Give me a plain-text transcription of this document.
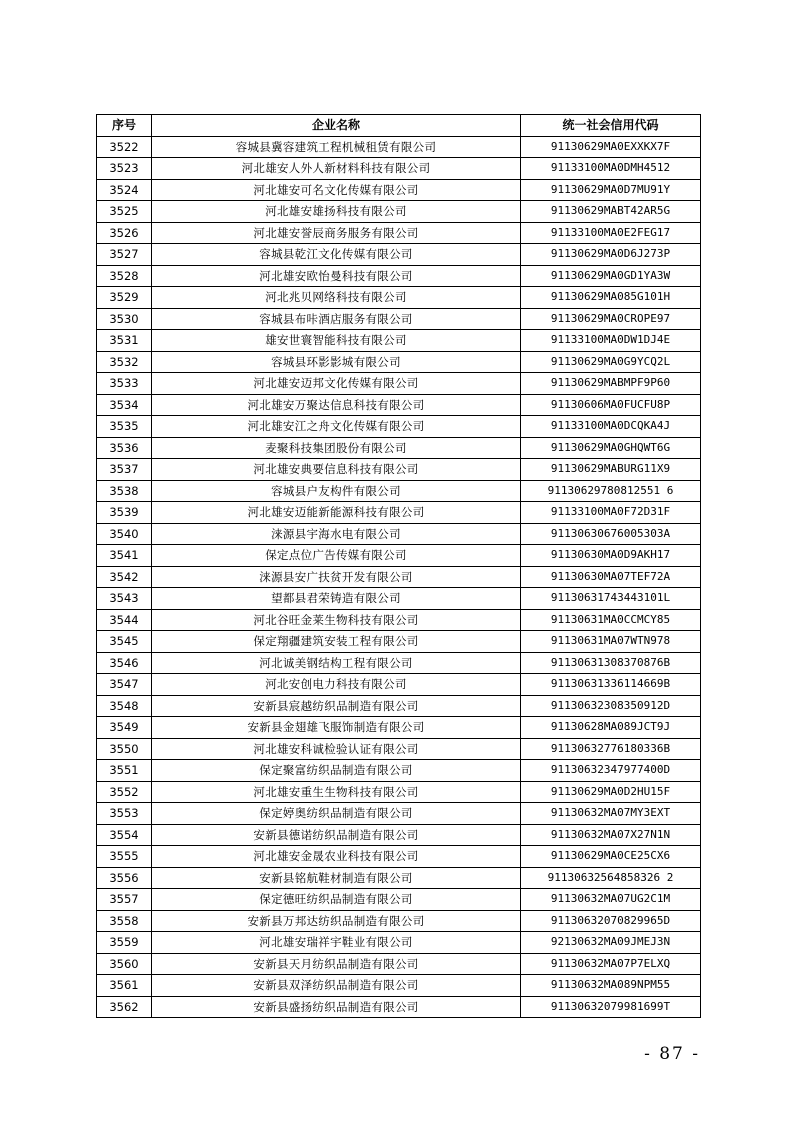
序号	企业名称	统一社会信用代码
3522	容城县冀容建筑工程机械租赁有限公司	91130629MA0EXXKX7F
3523	河北雄安人外人新材料科技有限公司	91133100MA0DMH4512
3524	河北雄安可名文化传媒有限公司	91130629MA0D7MU91Y
3525	河北雄安雄扬科技有限公司	91130629MABT42AR5G
3526	河北雄安誉辰商务服务有限公司	91133100MA0E2FEG17
3527	容城县乾江文化传媒有限公司	91130629MA0D6J273P
3528	河北雄安欧怡曼科技有限公司	91130629MA0GD1YA3W
3529	河北兆贝网络科技有限公司	91130629MA085G101H
3530	容城县布咔酒店服务有限公司	91130629MA0CROPE97
3531	雄安世寰智能科技有限公司	91133100MA0DW1DJ4E
3532	容城县环影影城有限公司	91130629MA0G9YCQ2L
3533	河北雄安迈邦文化传媒有限公司	91130629MABMPF9P60
3534	河北雄安万聚达信息科技有限公司	91130606MA0FUCFU8P
3535	河北雄安江之舟文化传媒有限公司	91133100MA0DCQKA4J
3536	麦聚科技集团股份有限公司	91130629MA0GHQWT6G
3537	河北雄安典要信息科技有限公司	91130629MABURG11X9
3538	容城县户友构件有限公司	91130629780812551 6
3539	河北雄安迈能新能源科技有限公司	91133100MA0F72D31F
3540	涞源县宇海水电有限公司	91130630676005303A
3541	保定点位广告传媒有限公司	91130630MA0D9AKH17
3542	涞源县安广扶贫开发有限公司	91130630MA07TEF72A
3543	望都县君荣铸造有限公司	91130631743443101L
3544	河北谷旺金莱生物科技有限公司	91130631MA0CCMCY85
3545	保定翔疆建筑安装工程有限公司	91130631MA07WTN978
3546	河北诚美钢结构工程有限公司	91130631308370876B
3547	河北安创电力科技有限公司	91130631336114669B
3548	安新县宸越纺织品制造有限公司	91130632308350912D
3549	安新县金翅雄飞服饰制造有限公司	91130628MA089JCT9J
3550	河北雄安科诚检验认证有限公司	91130632776180336B
3551	保定聚富纺织品制造有限公司	91130632347977400D
3552	河北雄安重生生物科技有限公司	91130629MA0D2HU15F
3553	保定婷奥纺织品制造有限公司	91130632MA07MY3EXT
3554	安新县德诺纺织品制造有限公司	91130632MA07X27N1N
3555	河北雄安金晟农业科技有限公司	91130629MA0CE25CX6
3556	安新县铭航鞋材制造有限公司	91130632564858326 2
3557	保定德旺纺织品制造有限公司	91130632MA07UG2C1M
3558	安新县万邦达纺织品制造有限公司	91130632070829965D
3559	河北雄安瑞祥宇鞋业有限公司	92130632MA09JMEJ3N
3560	安新县天月纺织品制造有限公司	91130632MA07P7ELXQ
3561	安新县双泽纺织品制造有限公司	91130632MA089NPM55
3562	安新县盛扬纺织品制造有限公司	91130632079981699T
- 87 -
